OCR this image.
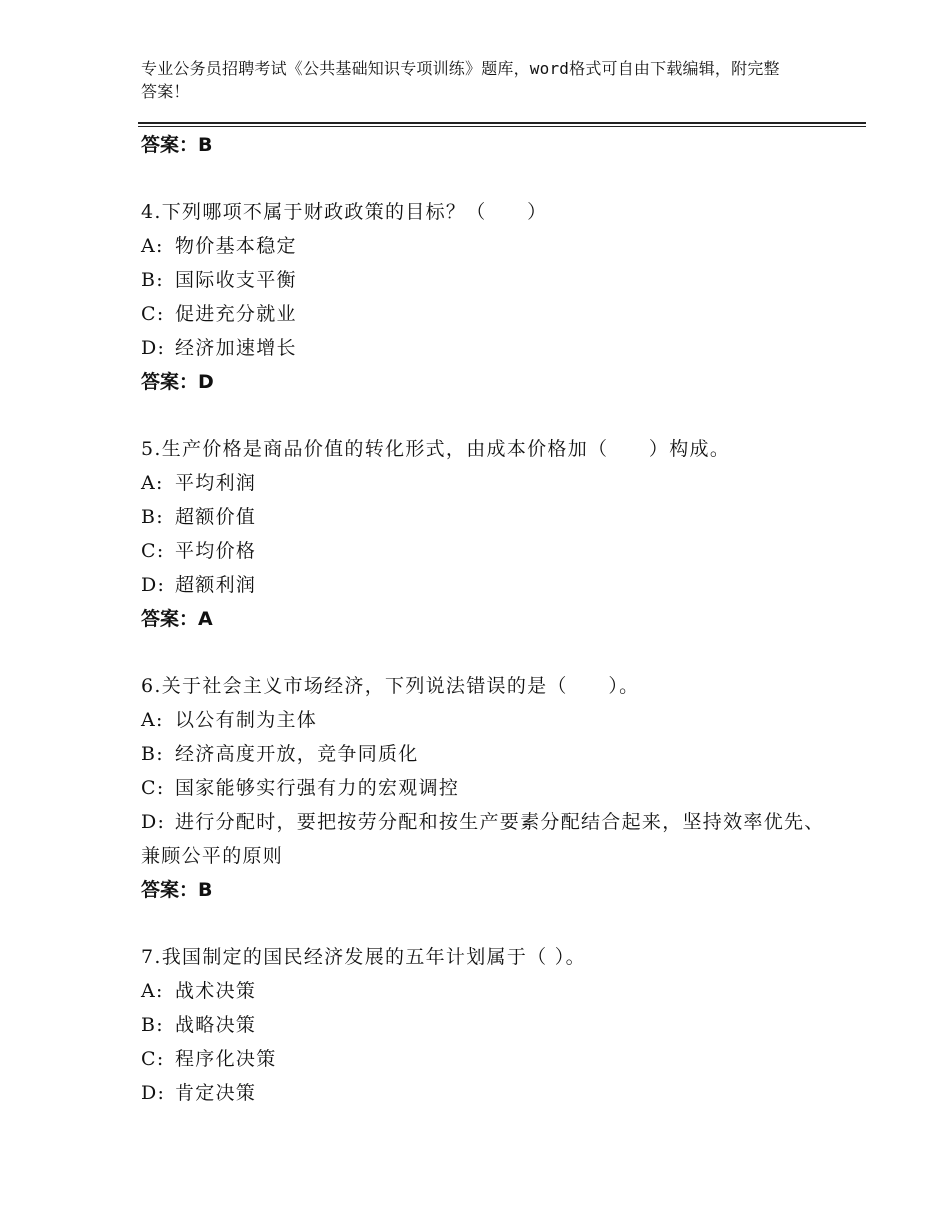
专业公务员招聘考试《公共基础知识专项训练》题库，word格式可自由下载编辑，附完整答案！
答案：B
4.下列哪项不属于财政政策的目标？（　　）
A: 物价基本稳定
B: 国际收支平衡
C: 促进充分就业
D: 经济加速增长
答案：D
5.生产价格是商品价值的转化形式，由成本价格加（　　）构成。
A: 平均利润
B: 超额价值
C: 平均价格
D: 超额利润
答案：A
6.关于社会主义市场经济，下列说法错误的是（　　）。
A: 以公有制为主体
B: 经济高度开放，竞争同质化
C: 国家能够实行强有力的宏观调控
D: 进行分配时，要把按劳分配和按生产要素分配结合起来，坚持效率优先、兼顾公平的原则
答案：B
7.我国制定的国民经济发展的五年计划属于（ ）。
A: 战术决策
B: 战略决策
C: 程序化决策
D: 肯定决策
